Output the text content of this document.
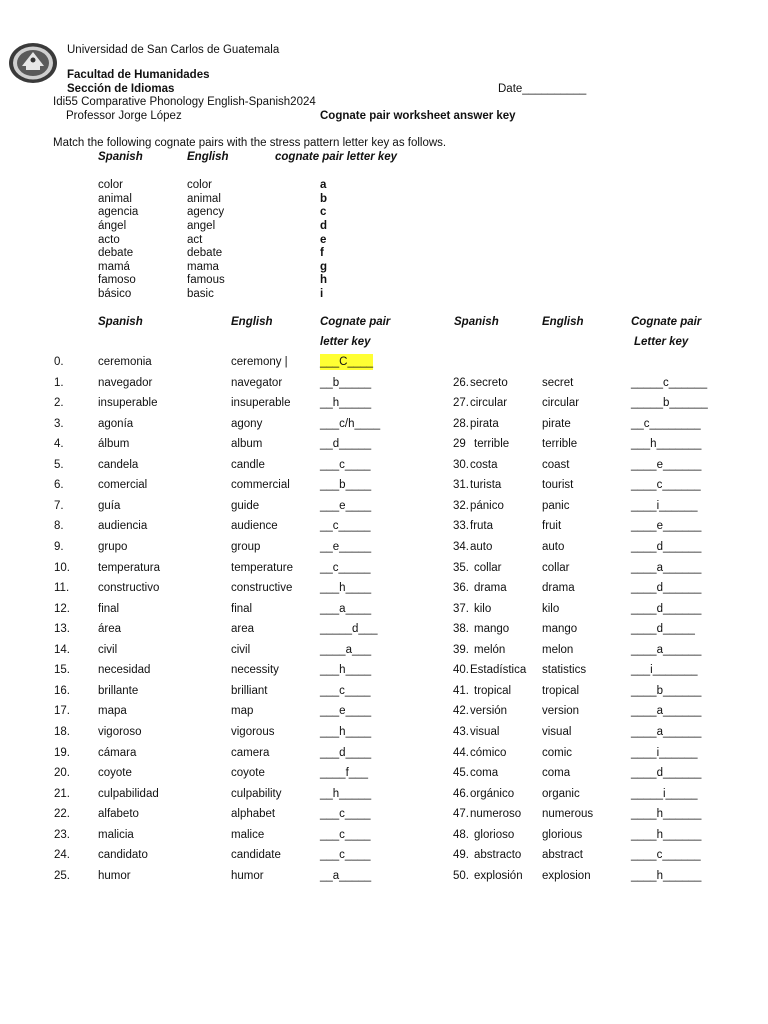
Universidad de San Carlos de Guatemala
Facultad de Humanidades
Sección de Idiomas	Date__________
Idi55 Comparative Phonology English-Spanish2024
Professor Jorge López	Cognate pair worksheet answer key
Match the following cognate pairs with the stress pattern letter key as follows.
Spanish	English	cognate pair letter key
color	color	a
animal	animal	b
agencia	agency	c
ángel	angel	d
acto	act	e
debate	debate	f
mamá	mama	g
famoso	famous	h
básico	basic	i
Spanish	English	Cognate pair
letter key
Spanish	English	Cognate pair
Letter key
0.	ceremonia	ceremony |	___C____
1.	navegador	navegator	__b_____	26. secreto	secret	_____c______
2.	insuperable	insuperable	__h_____	27. circular	circular	_____b______
3.	agonía	agony	___c/h____	28. pirata	pirate	__c________
4.	álbum	album	__d_____	29 terrible	terrible	___h_______
5.	candela	candle	___c____	30. costa	coast	____e______
6.	comercial	commercial	___b____	31. turista	tourist	____c______
7.	guía	guide	___e____	32. pánico	panic	____i______
8.	audiencia	audience	__c_____	33. fruta	fruit	____e______
9.	grupo	group	__e_____	34. auto	auto	____d______
10. temperatura	temperature __c_____	35. collar	collar	____a______
11.	constructivo	constructive ___h____	36. drama	drama	____d______
12. final	final	___a____	37. kilo	kilo	____d______
13. área	area	_____d___	38. mango	mango	____d_____
14. civil	civil	____a___	39. melón	melon	____a______
15. necesidad	necessity	___h____	40. Estadística statistics	___i_______
16. brillante	brilliant	___c____	41. tropical	tropical	____b______
17. mapa	map	___e____	42. versión	version	____a______
18. vigoroso	vigorous	___h____	43. visual	visual	____a______
19. cámara	camera	___d____	44. cómico	comic	____i______
20. coyote	coyote	____f___	45. coma	coma	____d______
21. culpabilidad	culpability	__h_____	46. orgánico organic	_____i_____
22. alfabeto	alphabet	___c____	47. numeroso numerous	____h______
23. malicia	malice	___c____	48. glorioso glorious	____h______
24. candidato	candidate	___c____	49. abstracto abstract	____c______
25. humor	humor	__a_____	50. explosión explosion	____h______
